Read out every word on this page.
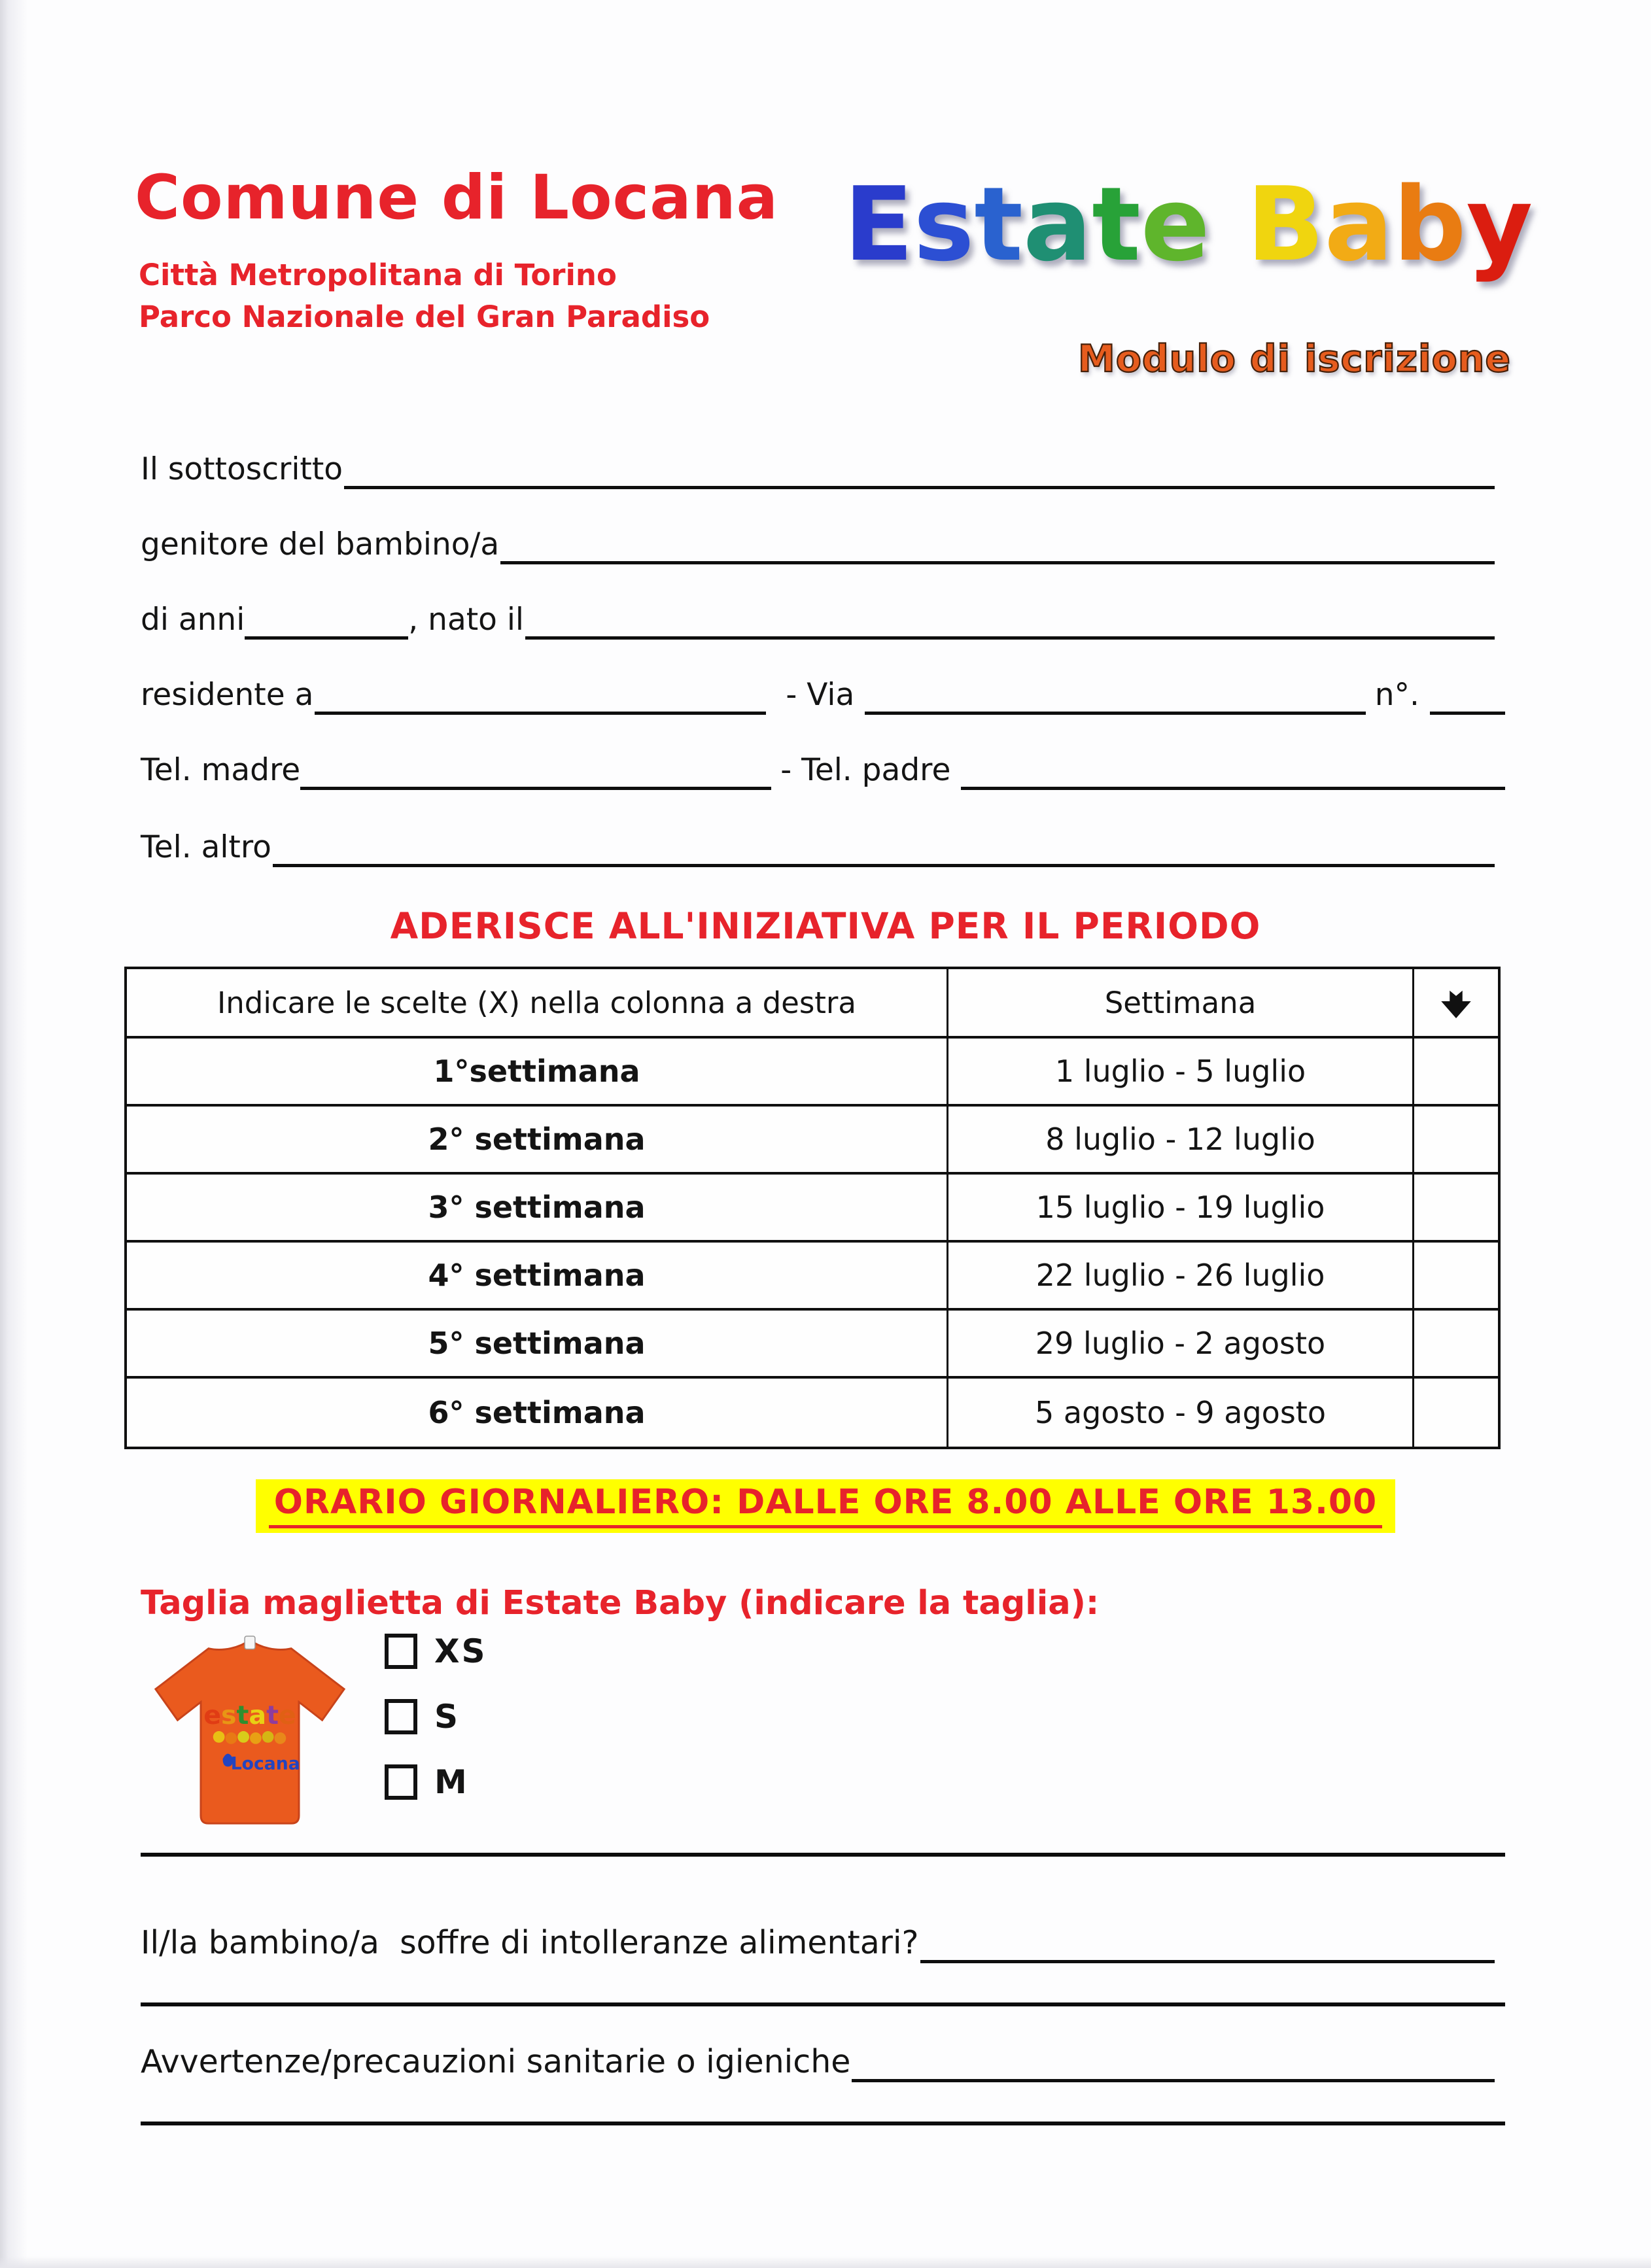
Comune di Locana
Città Metropolitana di Torino
Parco Nazionale del Gran Paradiso
Estate Baby
Modulo di iscrizione
Il sottoscritto
genitore del bambino/a
di anni	, nato il
residente a	- Via	n°.
Tel. madre	- Tel. padre
Tel. altro
ADERISCE ALL'INIZIATIVA PER IL PERIODO
Indicare le scelte (X) nella colonna a destra	Settimana
1°settimana	1 luglio - 5 luglio
2° settimana	8 luglio - 12 luglio
3° settimana	15 luglio - 19 luglio
4° settimana	22 luglio - 26 luglio
5° settimana	29 luglio - 2 agosto
6° settimana	5 agosto - 9 agosto
ORARIO GIORNALIERO: DALLE ORE 8.00 ALLE ORE 13.00
Taglia maglietta di Estate Baby (indicare la taglia):
estate
Locana
XS
S
M
Il/la bambino/a  soffre di intolleranze alimentari?
Avvertenze/precauzioni sanitarie o igieniche
